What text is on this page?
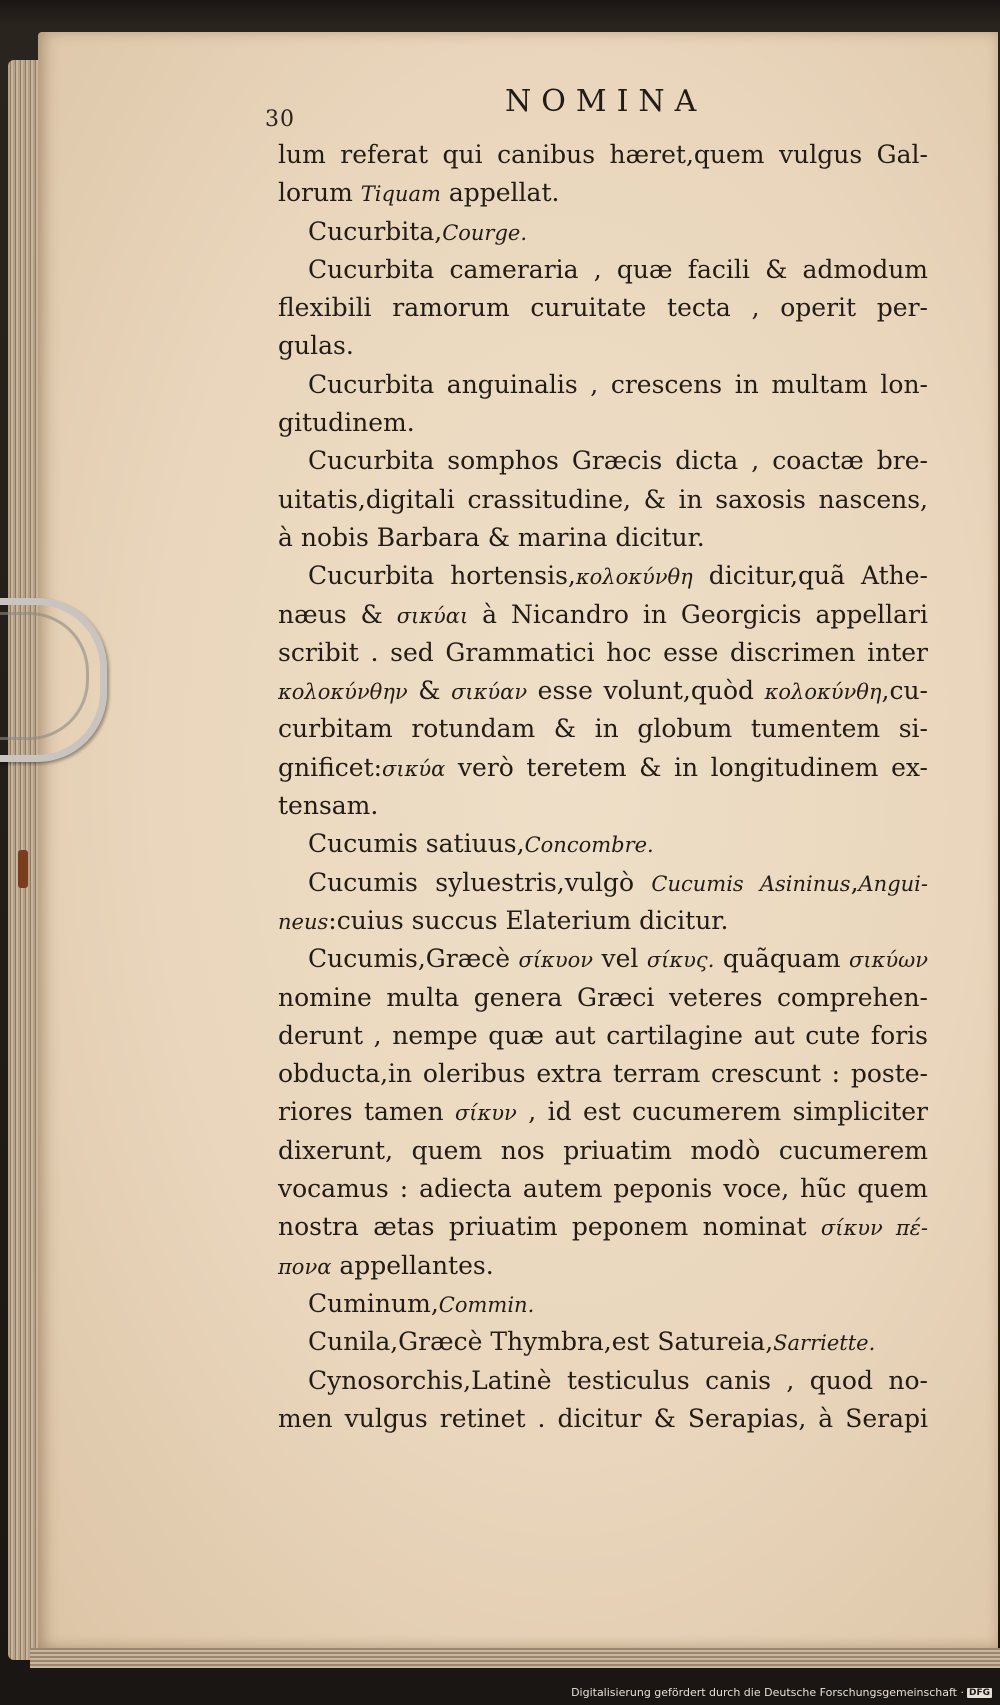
30
NOMINA
lum referat qui canibus hæret,quem vulgus Gal-
lorum Tiquam appellat.
Cucurbita,Courge.
Cucurbita cameraria , quæ facili & admodum
flexibili ramorum curuitate tecta , operit per-
gulas.
Cucurbita anguinalis , crescens in multam lon-
gitudinem.
Cucurbita somphos Græcis dicta , coactæ bre-
uitatis,digitali crassitudine, & in saxosis nascens,
à nobis Barbara & marina dicitur.
Cucurbita hortensis,κολοκύνθη dicitur,quã Athe-
næus & σικύαι à Nicandro in Georgicis appellari
scribit . sed Grammatici hoc esse discrimen inter
κολοκύνθην & σικύαν esse volunt,quòd κολοκύνθη,cu-
curbitam rotundam & in globum tumentem si-
gnificet:σικύα verò teretem & in longitudinem ex-
tensam.
Cucumis satiuus,Concombre.
Cucumis syluestris,vulgò Cucumis Asininus,Angui-
neus:cuius succus Elaterium dicitur.
Cucumis,Græcè σίκυον vel σίκυς. quãquam σικύων
nomine multa genera Græci veteres comprehen-
derunt , nempe quæ aut cartilagine aut cute foris
obducta,in oleribus extra terram crescunt : poste-
riores tamen σίκυν , id est cucumerem simpliciter
dixerunt, quem nos priuatim modò cucumerem
vocamus : adiecta autem peponis voce, hũc quem
nostra ætas priuatim peponem nominat σίκυν πέ-
πονα appellantes.
Cuminum,Commin.
Cunila,Græcè Thymbra,est Satureia,Sarriette.
Cynosorchis,Latinè testiculus canis , quod no-
men vulgus retinet . dicitur & Serapias, à Serapi
Digitalisierung gefördert durch die Deutsche Forschungsgemeinschaft · DFG
